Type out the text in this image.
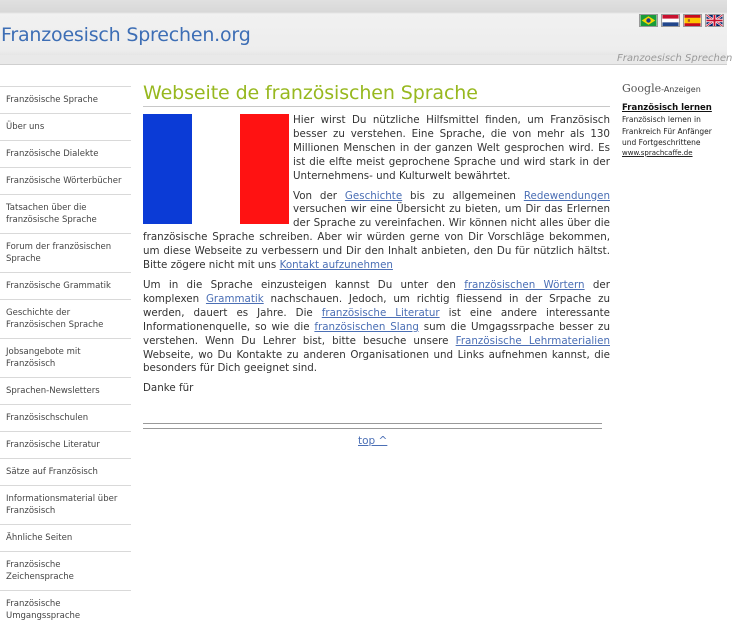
Franzoesisch Sprechen.org
Franzoesisch Sprechen
Französische Sprache
Über uns
Französische Dialekte
Französische Wörterbücher
Tatsachen über die französische Sprache
Forum der französischen Sprache
Französische Grammatik
Geschichte der Französischen Sprache
Jobsangebote mit Französisch
Sprachen-Newsletters
Französischschulen
Französische Literatur
Sätze auf Französisch
Informationsmaterial über Französisch
Ähnliche Seiten
Französische Zeichensprache
Französische Umgangssprache
Webseite de französischen Sprache

Hier wirst Du nützliche Hilfsmittel finden, um Französisch besser zu verstehen. Eine Sprache, die von mehr als 130 Millionen Menschen in der ganzen Welt gesprochen wird. Es ist die elfte meist geprochene Sprache und wird stark in der Unternehmens- und Kulturwelt bewährtet.

Von der Geschichte bis zu allgemeinen Redewendungen versuchen wir eine Übersicht zu bieten, um Dir das Erlernen der Sprache zu vereinfachen. Wir können nicht alles über die französische Sprache schreiben. Aber wir würden gerne von Dir Vorschläge bekommen, um diese Webseite zu verbessern und Dir den Inhalt anbieten, den Du für nützlich hältst. Bitte zögere nicht mit uns Kontakt aufzunehmen

Um in die Sprache einzusteigen kannst Du unter den französischen Wörtern der komplexen Grammatik nachschauen. Jedoch, um richtig fliessend in der Srpache zu werden, dauert es Jahre. Die französische Literatur ist eine andere interessante Informationenquelle, so wie die französischen Slang sum die Umgagssrpache besser zu verstehen. Wenn Du Lehrer bist, bitte besuche unsere Französische Lehrmaterialien Webseite, wo Du Kontakte zu anderen Organisationen und Links aufnehmen kannst, die besonders für Dich geeignet sind.

Danke für

top ^
Google-Anzeigen
Französisch lernen
Französisch lernen in Frankreich Für Anfänger und Fortgeschrittene
www.sprachcaffe.de
